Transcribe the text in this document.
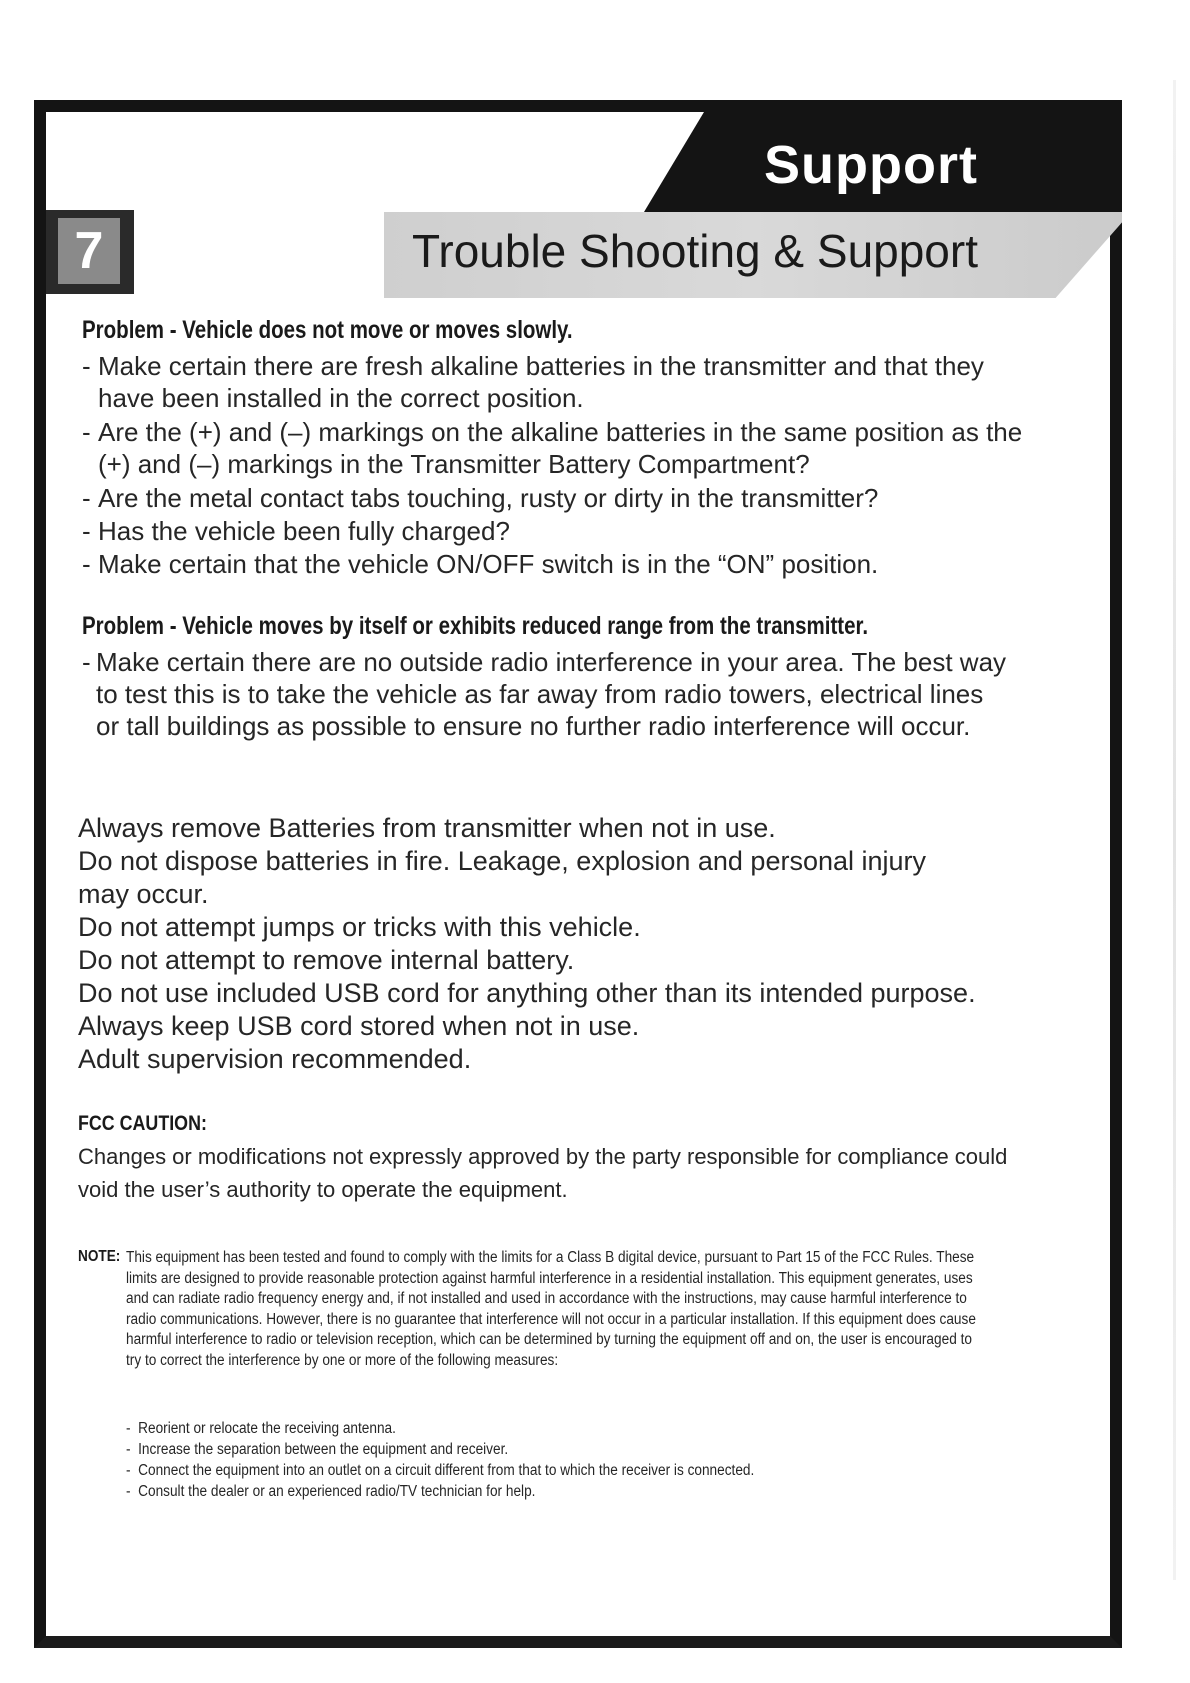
Support
Trouble Shooting & Support
7
Problem - Vehicle does not move or moves slowly.
- Make certain there are fresh alkaline batteries in the transmitter and that they have been installed in the correct position.
- Are the (+) and (–) markings on the alkaline batteries in the same position as the (+) and (–) markings in the Transmitter Battery Compartment?
- Are the metal contact tabs touching, rusty or dirty in the transmitter?
- Has the vehicle been fully charged?
- Make certain that the vehicle ON/OFF switch is in the “ON” position.
Problem - Vehicle moves by itself or exhibits reduced range from the transmitter.
- Make certain there are no outside radio interference in your area. The best way to test this is to take the vehicle as far away from radio towers, electrical lines or tall buildings as possible to ensure no further radio interference will occur.
Always remove Batteries from transmitter when not in use.
Do not dispose batteries in fire. Leakage, explosion and personal injury
may occur.
Do not attempt jumps or tricks with this vehicle.
Do not attempt to remove internal battery.
Do not use included USB cord for anything other than its intended purpose.
Always keep USB cord stored when not in use.
Adult supervision recommended.
FCC CAUTION:
Changes or modifications not expressly approved by the party responsible for compliance could void the user’s authority to operate the equipment.
NOTE: This equipment has been tested and found to comply with the limits for a Class B digital device, pursuant to Part 15 of the FCC Rules. These limits are designed to provide reasonable protection against harmful interference in a residential installation. This equipment generates, uses and can radiate radio frequency energy and, if not installed and used in accordance with the instructions, may cause harmful interference to radio communications. However, there is no guarantee that interference will not occur in a particular installation. If this equipment does cause harmful interference to radio or television reception, which can be determined by turning the equipment off and on, the user is encouraged to try to correct the interference by one or more of the following measures:
-  Reorient or relocate the receiving antenna.
-  Increase the separation between the equipment and receiver.
-  Connect the equipment into an outlet on a circuit different from that to which the receiver is connected.
-  Consult the dealer or an experienced radio/TV technician for help.
